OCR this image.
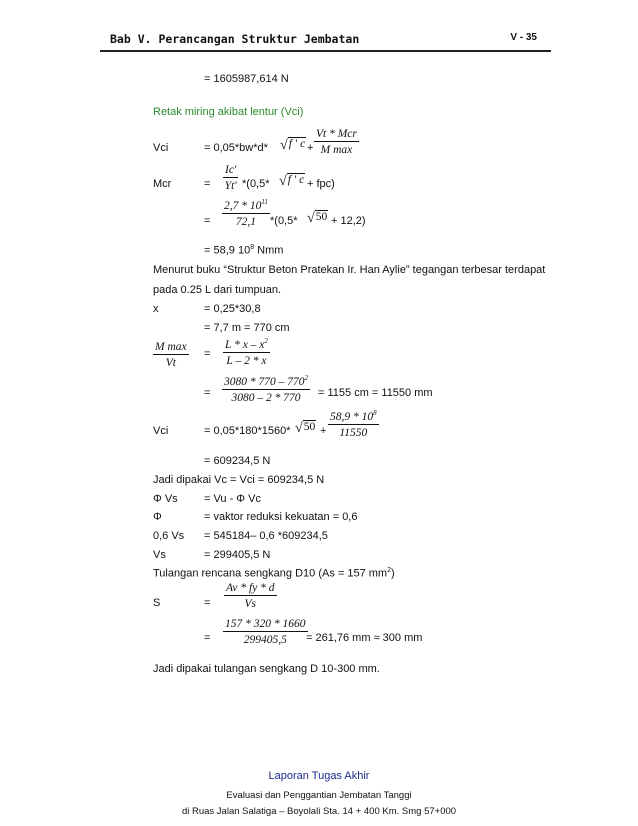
Bab V. Perancangan Struktur Jembatan	V - 35
= 1605987,614 N
Retak miring akibat lentur (Vci)
Vci	= 0,05*bw*d* √f ' c +
Vt * Mcr
M max
Mcr	= $\frac{Ic'}{Yt'} *(0,5*$ √f ' c + fpc)
= $\frac{2,7 * 10^{11}}{72,1} *(0,5*$ √50 + 12,2)
= 58,9 $10^8$ Nmm
Menurut buku “Struktur Beton Pratekan Ir. Han Aylie” tegangan terbesar terdapat
pada 0.25 L dari tumpuan.
x	= 0,25*30,8
= 7,7 m = 770 cm
M max
Vt
= $\frac{L * x - x^2}{L - 2 * x}$
= $\frac{3080 * 770 - 770^2}{3080 - 2 * 770} = 1155$ cm = 11550 mm
Vci	= 0,05*180*1560* $√50 + \frac{58,9 * 10^8}{11550}$
= 609234,5 N
Jadi dipakai Vc = Vci = 609234,5 N
Φ Vs = Vu - Φ Vc
Φ	= vaktor reduksi kekuatan = 0,6
0,6 Vs = 545184– 0,6 *609234,5
Vs	= 299405,5 N
Tulangan rencana sengkang D10 (As = 157 $mm^2$)
S	= $\frac{Av * fy * d}{Vs}$
= $\frac{157 * 320 * 1660}{299405,5}$
= 261,76 mm ≈ 300 mm
Jadi dipakai tulangan sengkang D 10-300 mm.
Laporan Tugas Akhir
Evaluasi dan Penggantian Jembatan Tanggi
di Ruas Jalan Salatiga – Boyolali Sta. 14 + 400 Km. Smg 57+000
